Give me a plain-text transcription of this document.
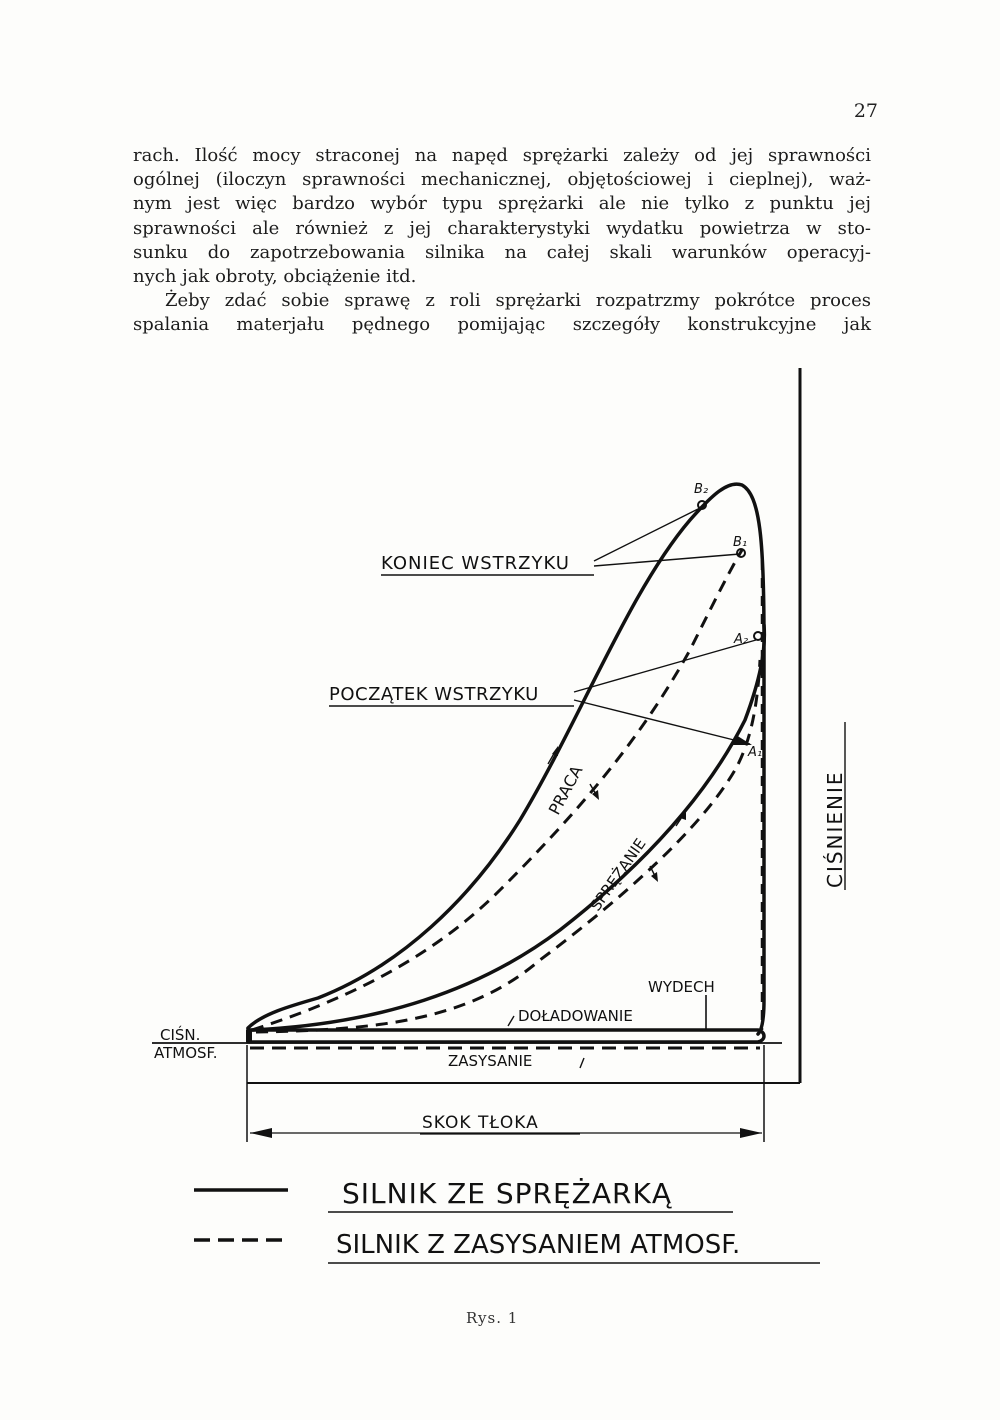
27
rach. Ilość mocy straconej na napęd sprężarki zależy od jej sprawności
ogólnej (iloczyn sprawności mechanicznej, objętościowej i cieplnej), waż-
nym jest więc bardzo wybór typu sprężarki ale nie tylko z punktu jej
sprawności ale również z jej charakterystyki wydatku powietrza w sto-
sunku do zapotrzebowania silnika na całej skali warunków operacyj-
nych jak obroty, obciążenie itd.
Żeby zdać sobie sprawę z roli sprężarki rozpatrzmy pokrótce proces
spalania materjału pędnego pomijając szczegóły konstrukcyjne jak
KONIEC WSTRZYKU
POCZĄTEK WSTRZYKU
PRACA
SPRĘŻANIE
WYDECH
DOŁADOWANIE
ZASYSANIE
CIŚN.
ATMOSF.
SKOK TŁOKA
CIŚNIENIE
B₂
B₁
A₂
A₁
SILNIK ZE SPRĘŻARKĄ
SILNIK Z ZASYSANIEM ATMOSF.
Rys. 1
